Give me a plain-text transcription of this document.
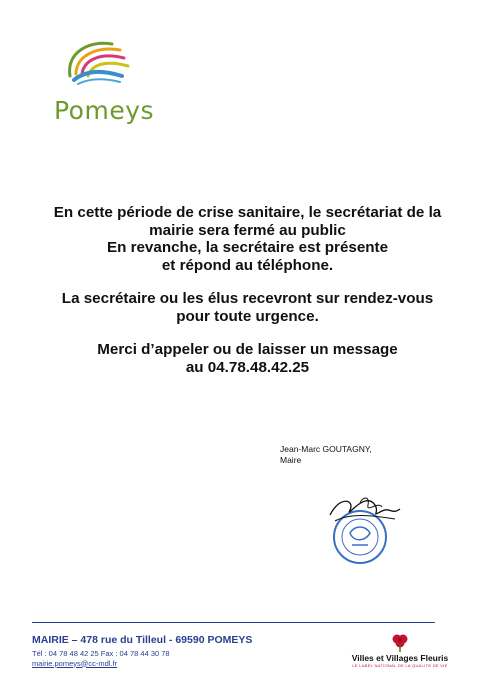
Pomeys

En cette période de crise sanitaire, le secrétariat de la

mairie sera fermé au public

En revanche, la secrétaire est présente

et répond au téléphone.

La secrétaire ou les élus recevront sur rendez-vous

pour toute urgence.

Merci d’appeler ou de laisser un message

au 04.78.48.42.25

Jean-Marc GOUTAGNY,
Maire
MAIRIE – 478 rue du Tilleul - 69590 POMEYS
Tél : 04 78 48 42 25 Fax : 04 78 44 30 78
mairie.pomeys@cc-mdl.fr	Villes et Villages Fleuris
LE LABEL NATIONAL DE LA QUALITÉ DE VIE
